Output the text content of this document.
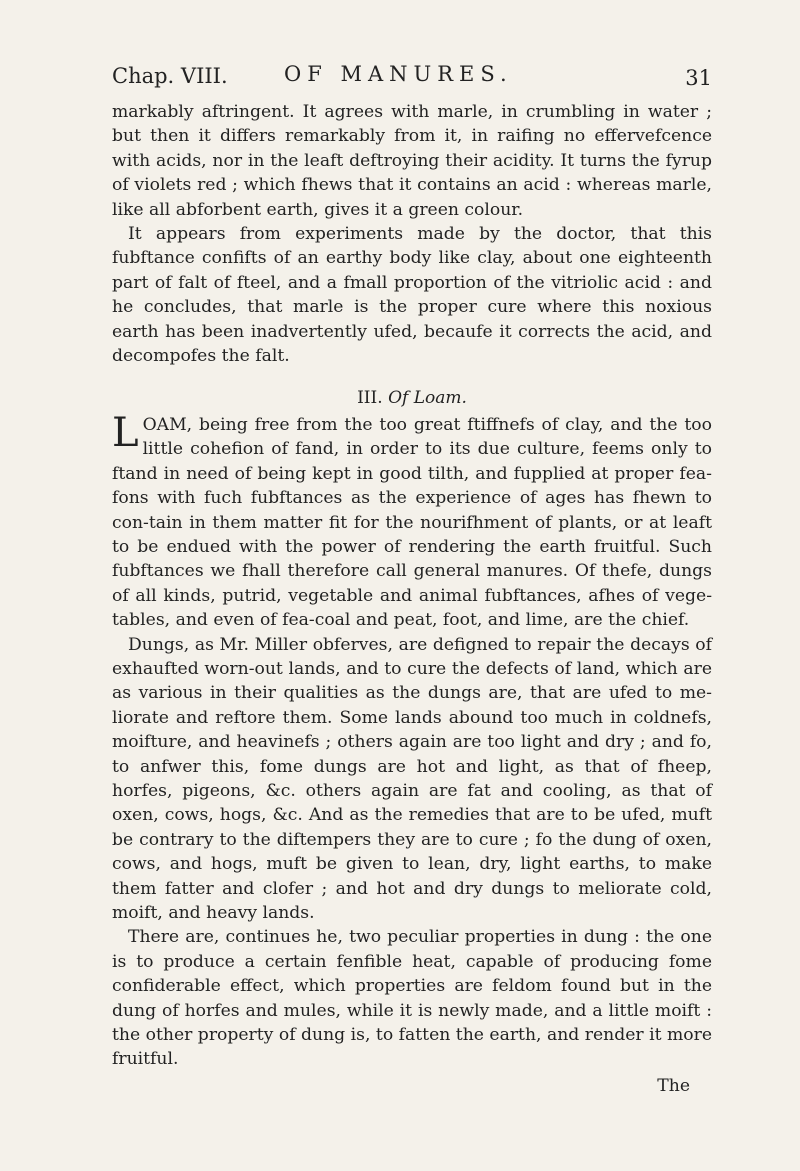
Chap. VIII.	OF MANURES.	31

markably aftringent. It agrees with marle, in crumbling in water ; but then it differs remarkably from it, in raifing no effervefcence with acids, nor in the leaft deftroying their acidity. It turns the fyrup of violets red ; which fhews that it contains an acid : whereas marle, like all abforbent earth, gives it a green colour.

It appears from experiments made by the doctor, that this fubftance confifts of an earthy body like clay, about one eighteenth part of falt of fteel, and a fmall proportion of the vitriolic acid : and he concludes, that marle is the proper cure where this noxious earth has been inadvertently ufed, becaufe it corrects the acid, and decompofes the falt.

III. Of Loam.

LOAM, being free from the too great ftiffnefs of clay, and the too little cohefion of fand, in order to its due culture, feems only to ftand in need of being kept in good tilth, and fupplied at proper fea-fons with fuch fubftances as the experience of ages has fhewn to con-tain in them matter fit for the nourifhment of plants, or at leaft to be endued with the power of rendering the earth fruitful. Such fubftances we fhall therefore call general manures. Of thefe, dungs of all kinds, putrid, vegetable and animal fubftances, afhes of vege-tables, and even of fea-coal and peat, foot, and lime, are the chief.

Dungs, as Mr. Miller obferves, are defigned to repair the decays of exhaufted worn-out lands, and to cure the defects of land, which are as various in their qualities as the dungs are, that are ufed to me-liorate and reftore them. Some lands abound too much in coldnefs, moifture, and heavinefs ; others again are too light and dry ; and fo, to anfwer this, fome dungs are hot and light, as that of fheep, horfes, pigeons, &c. others again are fat and cooling, as that of oxen, cows, hogs, &c. And as the remedies that are to be ufed, muft be contrary to the diftempers they are to cure ; fo the dung of oxen, cows, and hogs, muft be given to lean, dry, light earths, to make them fatter and clofer ; and hot and dry dungs to meliorate cold, moift, and heavy lands.

There are, continues he, two peculiar properties in dung : the one is to produce a certain fenfible heat, capable of producing fome confiderable effect, which properties are feldom found but in the dung of horfes and mules, while it is newly made, and a little moift : the other property of dung is, to fatten the earth, and render it more fruitful.

The
